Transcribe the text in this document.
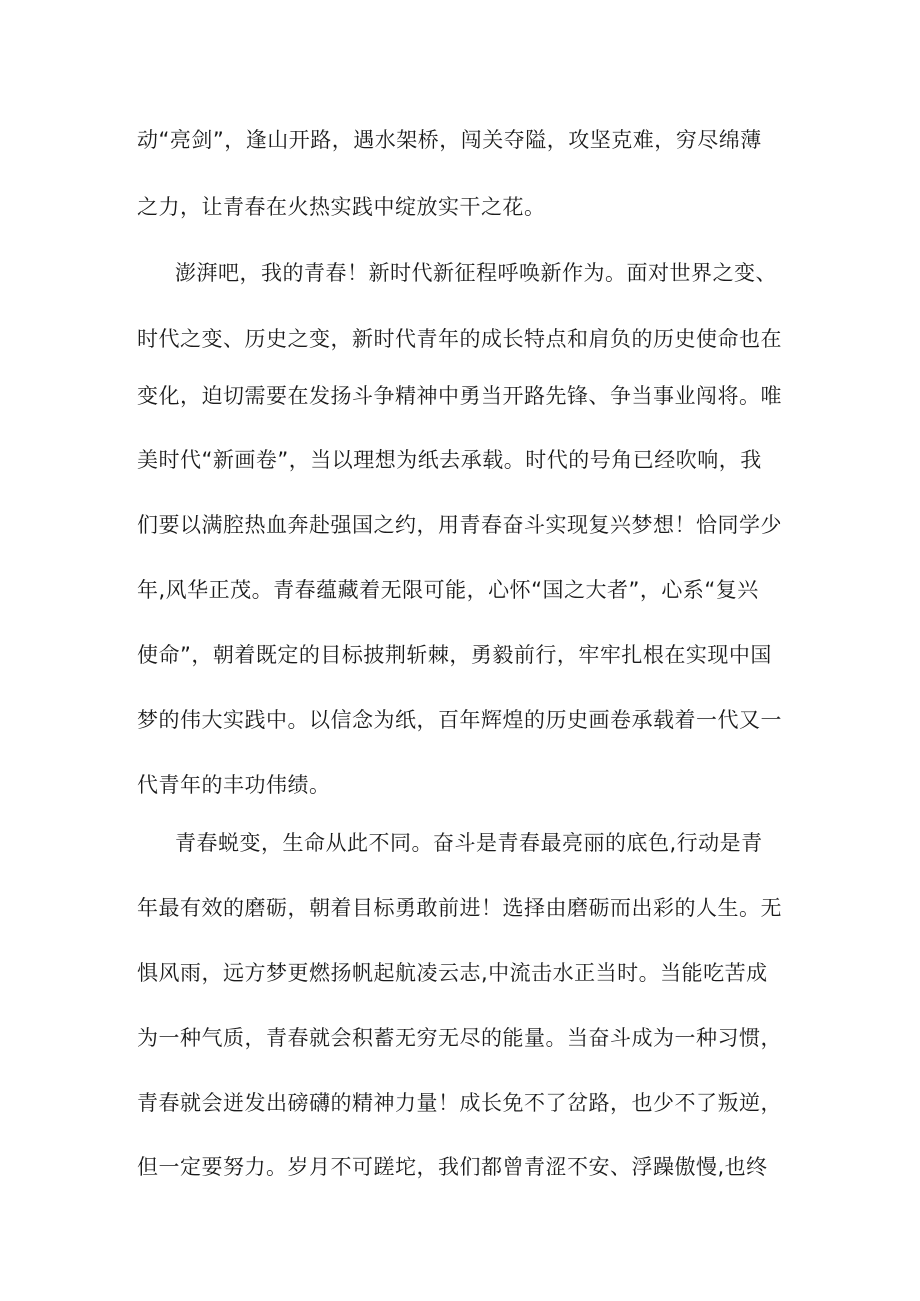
动“亮剑”，逢山开路，遇水架桥，闯关夺隘，攻坚克难，穷尽绵薄
之力，让青春在火热实践中绽放实干之花。
澎湃吧，我的青春！新时代新征程呼唤新作为。面对世界之变、
时代之变、历史之变，新时代青年的成长特点和肩负的历史使命也在
变化，迫切需要在发扬斗争精神中勇当开路先锋、争当事业闯将。唯
美时代“新画卷”，当以理想为纸去承载。时代的号角已经吹响，我
们要以满腔热血奔赴强国之约，用青春奋斗实现复兴梦想！恰同学少
年,风华正茂。青春蕴藏着无限可能，心怀“国之大者”，心系“复兴
使命”，朝着既定的目标披荆斩棘，勇毅前行，牢牢扎根在实现中国
梦的伟大实践中。以信念为纸，百年辉煌的历史画卷承载着一代又一
代青年的丰功伟绩。
青春蜕变，生命从此不同。奋斗是青春最亮丽的底色,行动是青
年最有效的磨砺，朝着目标勇敢前进！选择由磨砺而出彩的人生。无
惧风雨，远方梦更燃扬帆起航凌云志,中流击水正当时。当能吃苦成
为一种气质，青春就会积蓄无穷无尽的能量。当奋斗成为一种习惯，
青春就会迸发出磅礴的精神力量！成长免不了岔路，也少不了叛逆，
但一定要努力。岁月不可蹉坨，我们都曾青涩不安、浮躁傲慢,也终
